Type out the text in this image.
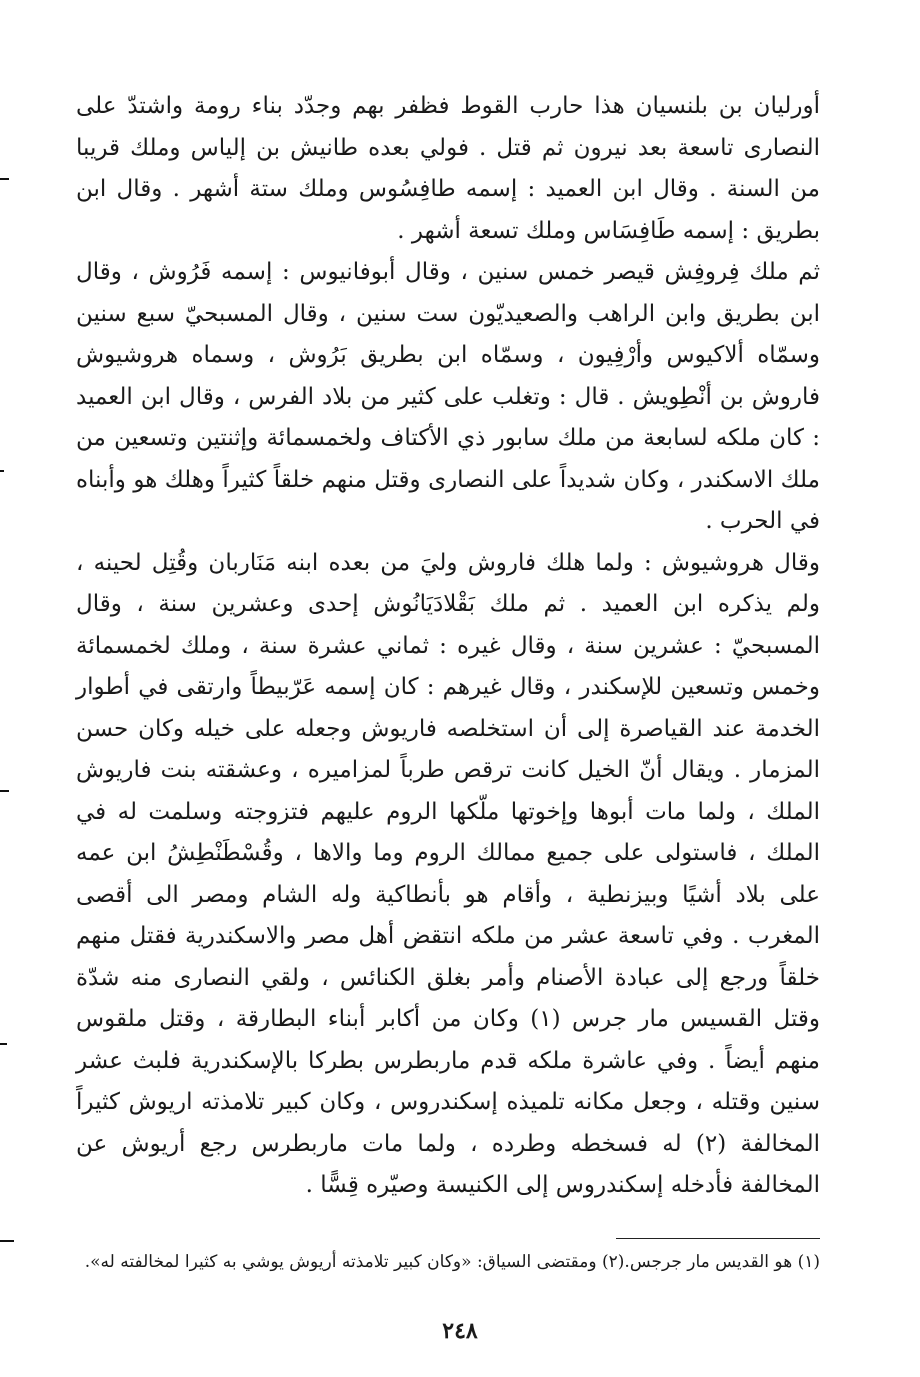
أورليان بن بلنسيان هذا حارب القوط فظفر بهم وجدّد بناء رومة واشتدّ على النصارى تاسعة بعد نيرون ثم قتل . فولي بعده طانيش بن إلياس وملك قريبا من السنة . وقال ابن العميد : إسمه طافِسُوس وملك ستة أشهر . وقال ابن بطريق : إسمه طَافِسَاس وملك تسعة أشهر .

ثم ملك فِروفِش قيصر خمس سنين ، وقال أبوفانيوس : إسمه فَرُوش ، وقال ابن بطريق وابن الراهب والصعيديّون ست سنين ، وقال المسبحيّ سبع سنين وسمّاه ألاكيوس وأرْفِيون ، وسمّاه ابن بطريق بَرُوش ، وسماه هروشيوش فاروش بن أنْطِويش . قال : وتغلب على كثير من بلاد الفرس ، وقال ابن العميد : كان ملكه لسابعة من ملك سابور ذي الأكتاف ولخمسمائة وإثنتين وتسعين من ملك الاسكندر ، وكان شديداً على النصارى وقتل منهم خلقاً كثيراً وهلك هو وأبناه في الحرب .

وقال هروشيوش : ولما هلك فاروش وليَ من بعده ابنه مَنَاربان وقُتِل لحينه ، ولم يذكره ابن العميد . ثم ملك بَقْلادَيَانُوش إحدى وعشرين سنة ، وقال المسبحيّ : عشرين سنة ، وقال غيره : ثماني عشرة سنة ، وملك لخمسمائة وخمس وتسعين للإسكندر ، وقال غيرهم : كان إسمه عَرّبيطاً وارتقى في أطوار الخدمة عند القياصرة إلى أن استخلصه فاريوش وجعله على خيله وكان حسن المزمار . ويقال أنّ الخيل كانت ترقص طرباً لمزاميره ، وعشقته بنت فاريوش الملك ، ولما مات أبوها وإخوتها ملّكها الروم عليهم فتزوجته وسلمت له في الملك ، فاستولى على جميع ممالك الروم وما والاها ، وقُسْطَنْطِشُ ابن عمه على بلاد أشيًا وبيزنطية ، وأقام هو بأنطاكية وله الشام ومصر الى أقصى المغرب . وفي تاسعة عشر من ملكه انتقض أهل مصر والاسكندرية فقتل منهم خلقاً ورجع إلى عبادة الأصنام وأمر بغلق الكنائس ، ولقي النصارى منه شدّة وقتل القسيس مار جرس (١) وكان من أكابر أبناء البطارقة ، وقتل ملقوس منهم أيضاً . وفي عاشرة ملكه قدم ماربطرس بطركا بالإسكندرية فلبث عشر سنين وقتله ، وجعل مكانه تلميذه إسكندروس ، وكان كبير تلامذته اريوش كثيراً المخالفة (٢) له فسخطه وطرده ، ولما مات ماربطرس رجع أريوش عن المخالفة فأدخله إسكندروس إلى الكنيسة وصيّره قِسًّا .

(١) هو القديس مار جرجس.(٢) ومقتضى السياق: «وكان كبير تلامذته أريوش يوشي به كثيرا لمخالفته له».

٢٤٨
